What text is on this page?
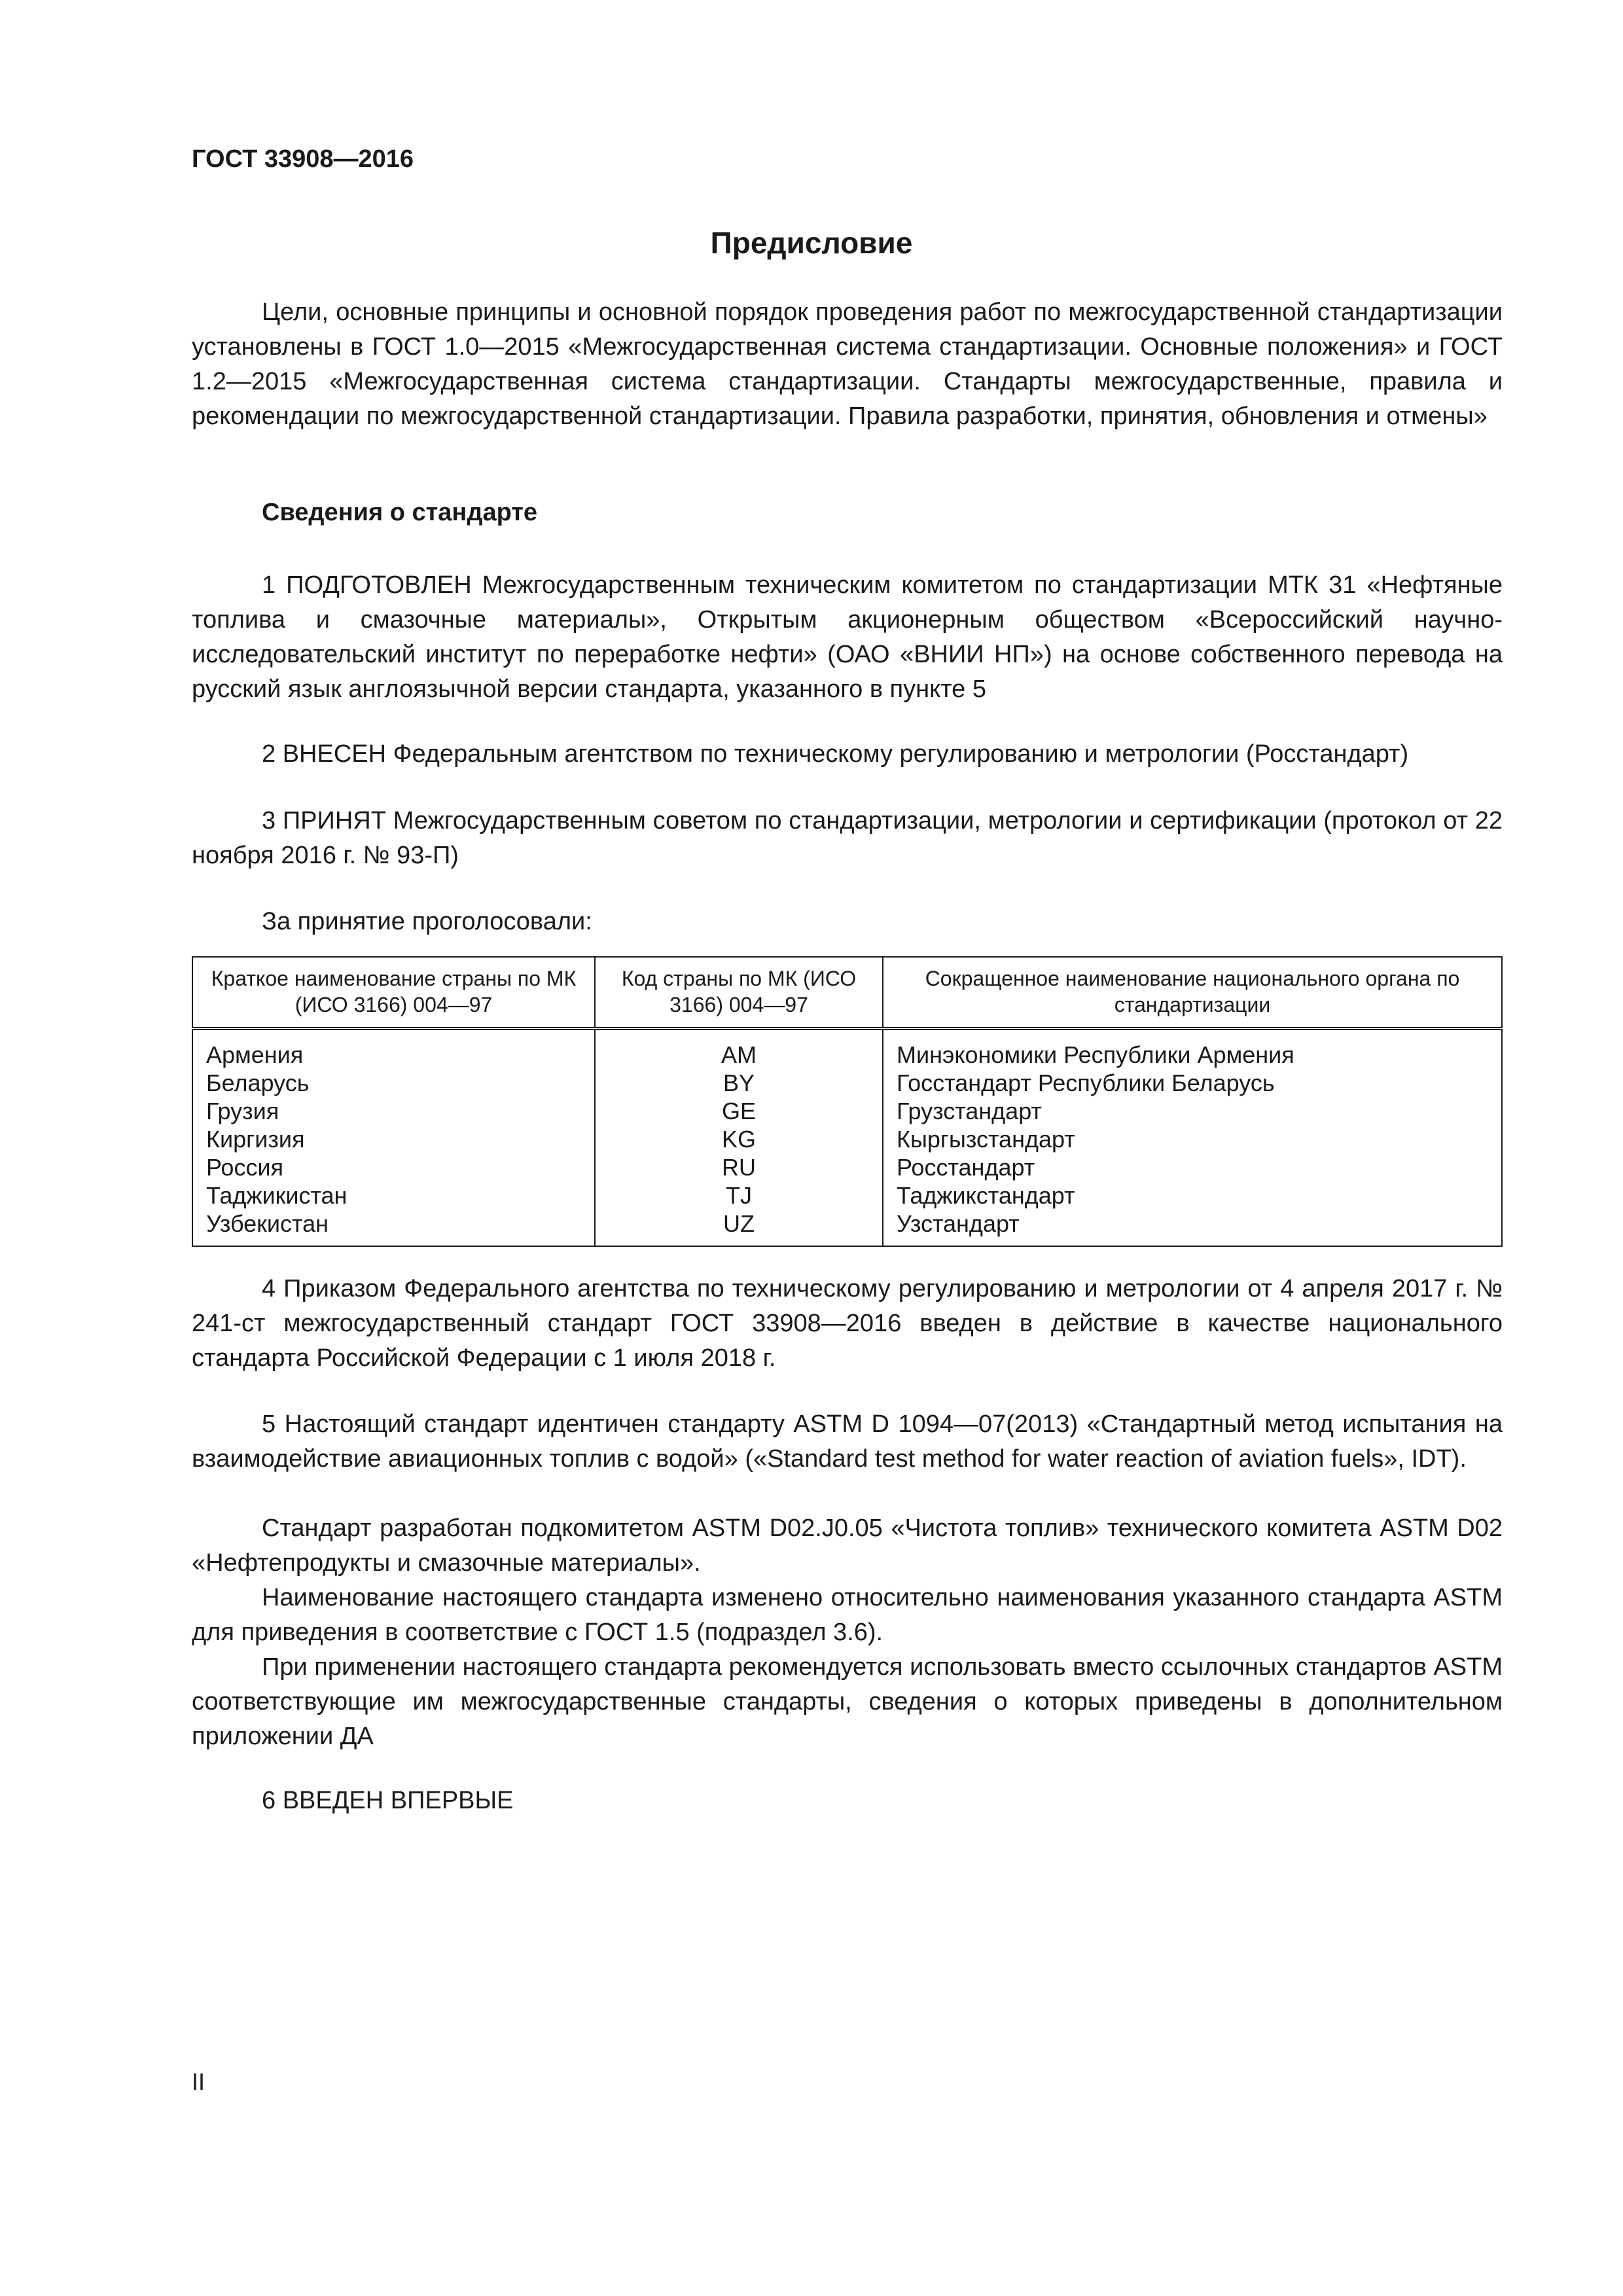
ГОСТ 33908—2016

Предисловие

Цели, основные принципы и основной порядок проведения работ по межгосударственной стандартизации установлены в ГОСТ 1.0—2015 «Межгосударственная система стандартизации. Основные положения» и ГОСТ 1.2—2015 «Межгосударственная система стандартизации. Стандарты межгосударственные, правила и рекомендации по межгосударственной стандартизации. Правила разработки, принятия, обновления и отмены»

Сведения о стандарте

1 ПОДГОТОВЛЕН Межгосударственным техническим комитетом по стандартизации МТК 31 «Нефтяные топлива и смазочные материалы», Открытым акционерным обществом «Всероссийский научно-исследовательский институт по переработке нефти» (ОАО «ВНИИ НП») на основе собственного перевода на русский язык англоязычной версии стандарта, указанного в пункте 5

2 ВНЕСЕН Федеральным агентством по техническому регулированию и метрологии (Росстандарт)

3 ПРИНЯТ Межгосударственным советом по стандартизации, метрологии и сертификации (протокол от 22 ноября 2016 г. № 93-П)

За принятие проголосовали:

Краткое наименование страны по МК (ИСО 3166) 004—97	Код страны по МК (ИСО 3166) 004—97	Сокращенное наименование национального органа по стандартизации
Армения	AM	Минэкономики Республики Армения
Беларусь	BY	Госстандарт Республики Беларусь
Грузия	GE	Грузстандарт
Киргизия	KG	Кыргызстандарт
Россия	RU	Росстандарт
Таджикистан	TJ	Таджикстандарт
Узбекистан	UZ	Узстандарт

4 Приказом Федерального агентства по техническому регулированию и метрологии от 4 апреля 2017 г. № 241-ст межгосударственный стандарт ГОСТ 33908—2016 введен в действие в качестве национального стандарта Российской Федерации с 1 июля 2018 г.

5 Настоящий стандарт идентичен стандарту ASTM D 1094—07(2013) «Стандартный метод испытания на взаимодействие авиационных топлив с водой» («Standard test method for water reaction of aviation fuels», IDT).

Стандарт разработан подкомитетом ASTM D02.J0.05 «Чистота топлив» технического комитета ASTM D02 «Нефтепродукты и смазочные материалы».

Наименование настоящего стандарта изменено относительно наименования указанного стандарта ASTM для приведения в соответствие с ГОСТ 1.5 (подраздел 3.6).

При применении настоящего стандарта рекомендуется использовать вместо ссылочных стандартов ASTM соответствующие им межгосударственные стандарты, сведения о которых приведены в дополнительном приложении ДА

6 ВВЕДЕН ВПЕРВЫЕ

II
